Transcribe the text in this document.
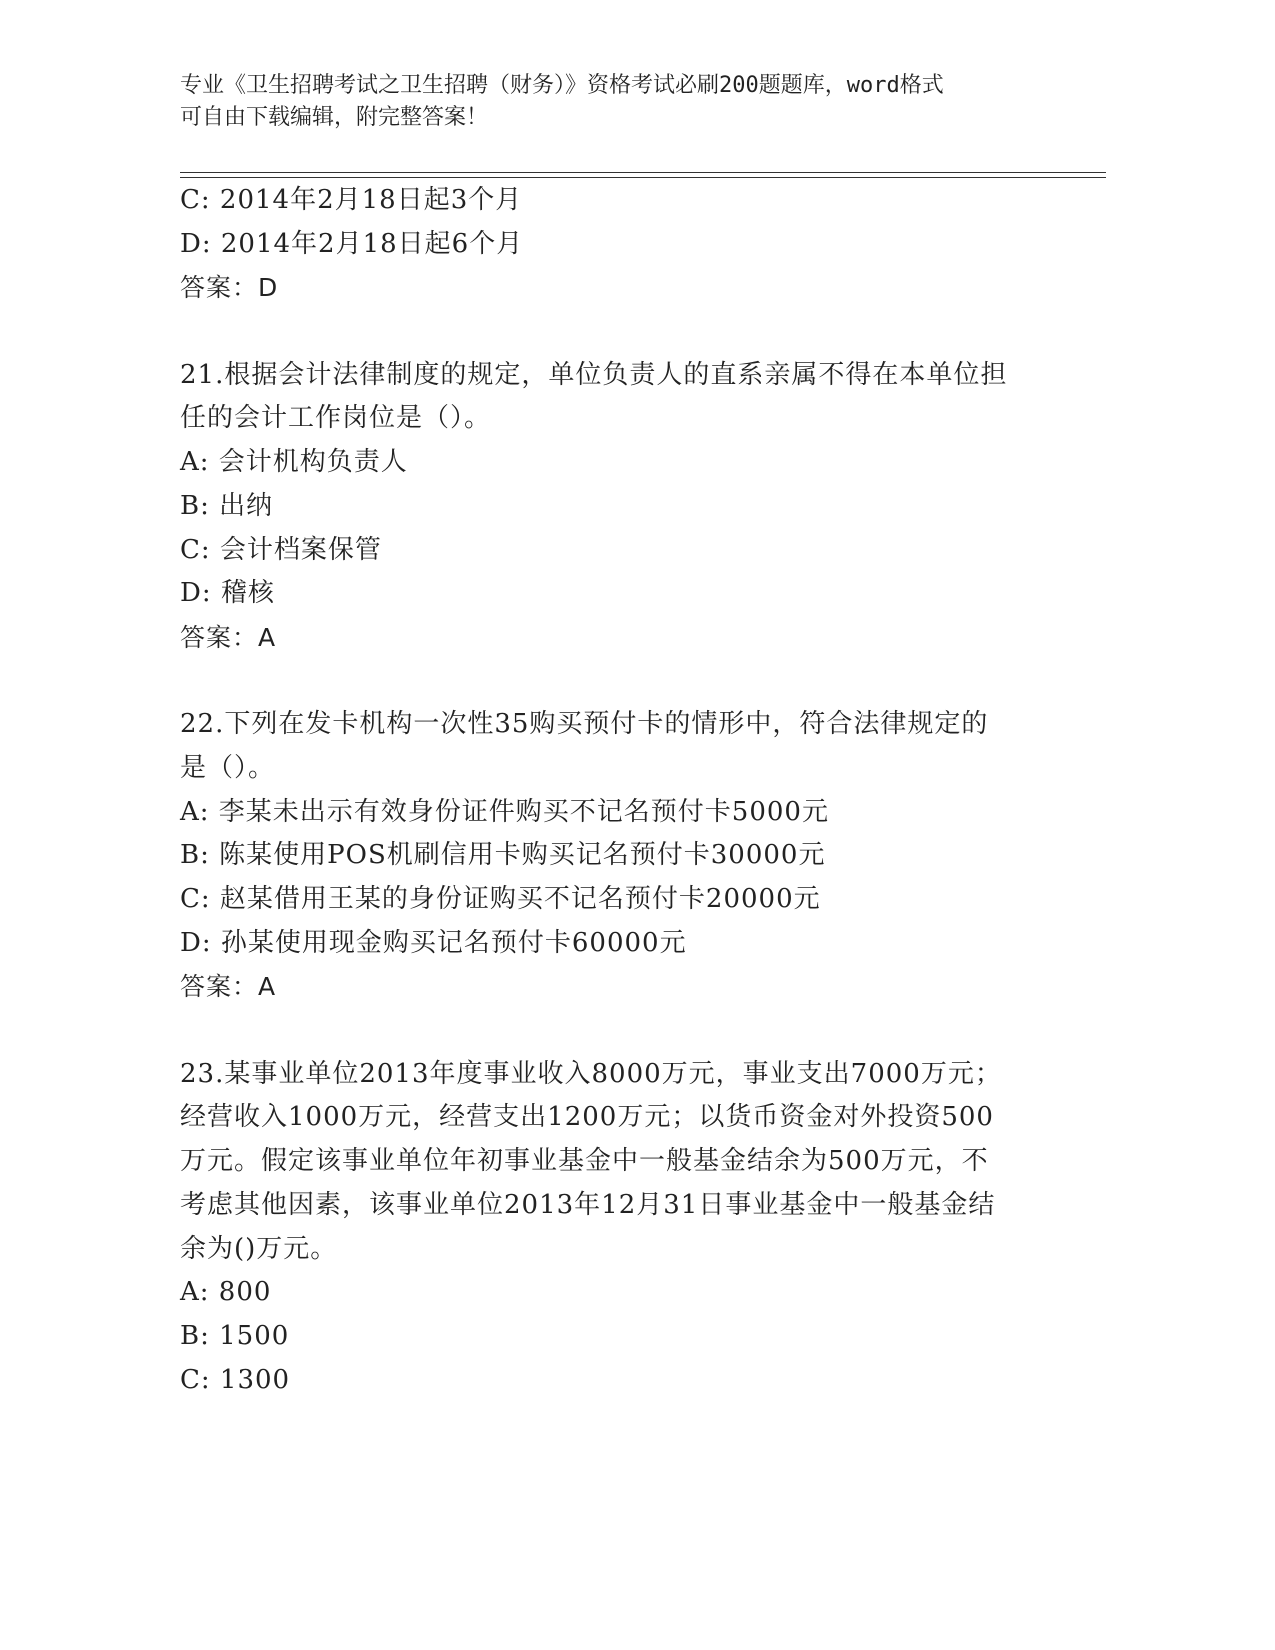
专业《卫生招聘考试之卫生招聘（财务）》资格考试必刷200题题库，word格式
可自由下载编辑，附完整答案！
C: 2014年2月18日起3个月
D: 2014年2月18日起6个月
答案：D
21.根据会计法律制度的规定，单位负责人的直系亲属不得在本单位担
任的会计工作岗位是（）。
A: 会计机构负责人
B: 出纳
C: 会计档案保管
D: 稽核
答案：A
22.下列在发卡机构一次性35购买预付卡的情形中，符合法律规定的
是（）。
A: 李某未出示有效身份证件购买不记名预付卡5000元
B: 陈某使用POS机刷信用卡购买记名预付卡30000元
C: 赵某借用王某的身份证购买不记名预付卡20000元
D: 孙某使用现金购买记名预付卡60000元
答案：A
23.某事业单位2013年度事业收入8000万元，事业支出7000万元；
经营收入1000万元，经营支出1200万元；以货币资金对外投资500
万元。假定该事业单位年初事业基金中一般基金结余为500万元，不
考虑其他因素，该事业单位2013年12月31日事业基金中一般基金结
余为()万元。
A: 800
B: 1500
C: 1300
